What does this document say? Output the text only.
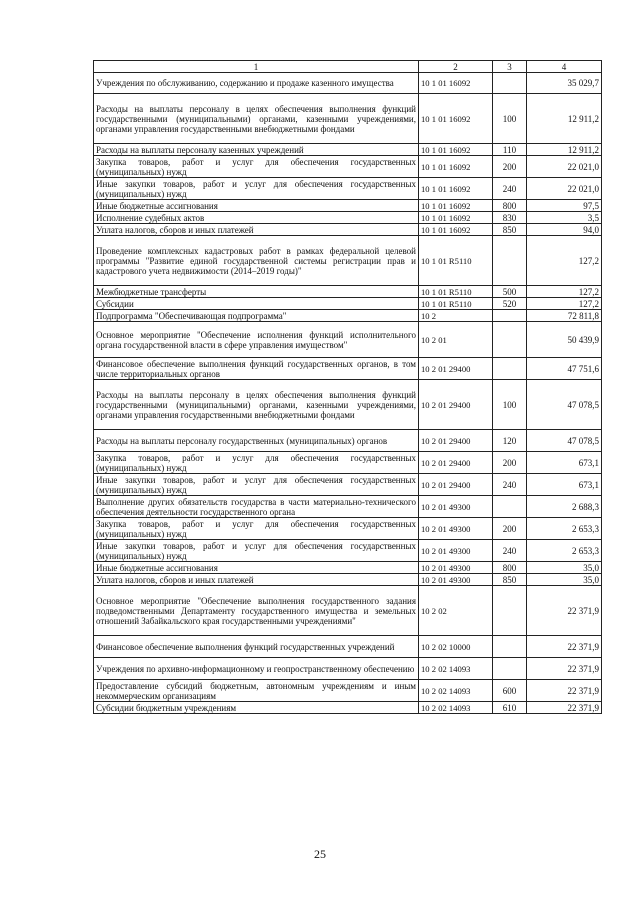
1	2	3	4
Учреждения по обслуживанию, содержанию и продаже казенного имущества	10 1 01 16092		35 029,7
Расходы на выплаты персоналу в целях обеспечения выполнения функций государственными (муниципальными) органами, казенными учреждениями, органами управления государственными внебюджетными фондами	10 1 01 16092	100	12 911,2
Расходы на выплаты персоналу казенных учреждений	10 1 01 16092	110	12 911,2
Закупка товаров, работ и услуг для обеспечения государственных (муниципальных) нужд	10 1 01 16092	200	22 021,0
Иные закупки товаров, работ и услуг для обеспечения государственных (муниципальных) нужд	10 1 01 16092	240	22 021,0
Иные бюджетные ассигнования	10 1 01 16092	800	97,5
Исполнение судебных актов	10 1 01 16092	830	3,5
Уплата налогов, сборов и иных платежей	10 1 01 16092	850	94,0
Проведение комплексных кадастровых работ в рамках федеральной целевой программы "Развитие единой государственной системы регистрации прав и кадастрового учета недвижимости (2014–2019 годы)"	10 1 01 R5110		127,2
Межбюджетные трансферты	10 1 01 R5110	500	127,2
Субсидии	10 1 01 R5110	520	127,2
Подпрограмма "Обеспечивающая подпрограмма"	10 2		72 811,8
Основное мероприятие "Обеспечение исполнения функций исполнительного органа государственной власти в сфере управления имуществом"	10 2 01		50 439,9
Финансовое обеспечение выполнения функций государственных органов, в том числе территориальных органов	10 2 01 29400		47 751,6
Расходы на выплаты персоналу в целях обеспечения выполнения функций государственными (муниципальными) органами, казенными учреждениями, органами управления государственными внебюджетными фондами	10 2 01 29400	100	47 078,5
Расходы на выплаты персоналу государственных (муниципальных) органов	10 2 01 29400	120	47 078,5
Закупка товаров, работ и услуг для обеспечения государственных (муниципальных) нужд	10 2 01 29400	200	673,1
Иные закупки товаров, работ и услуг для обеспечения государственных (муниципальных) нужд	10 2 01 29400	240	673,1
Выполнение других обязательств государства в части материально-технического обеспечения деятельности государственного органа	10 2 01 49300		2 688,3
Закупка товаров, работ и услуг для обеспечения государственных (муниципальных) нужд	10 2 01 49300	200	2 653,3
Иные закупки товаров, работ и услуг для обеспечения государственных (муниципальных) нужд	10 2 01 49300	240	2 653,3
Иные бюджетные ассигнования	10 2 01 49300	800	35,0
Уплата налогов, сборов и иных платежей	10 2 01 49300	850	35,0
Основное мероприятие "Обеспечение выполнения государственного задания подведомственными Департаменту государственного имущества и земельных отношений Забайкальского края государственными учреждениями"	10 2 02		22 371,9
Финансовое обеспечение выполнения функций государственных учреждений	10 2 02 10000		22 371,9
Учреждения по архивно-информационному и геопространственному обеспечению	10 2 02 14093		22 371,9
Предоставление субсидий бюджетным, автономным учреждениям и иным некоммерческим организациям	10 2 02 14093	600	22 371,9
Субсидии бюджетным учреждениям	10 2 02 14093	610	22 371,9
25
